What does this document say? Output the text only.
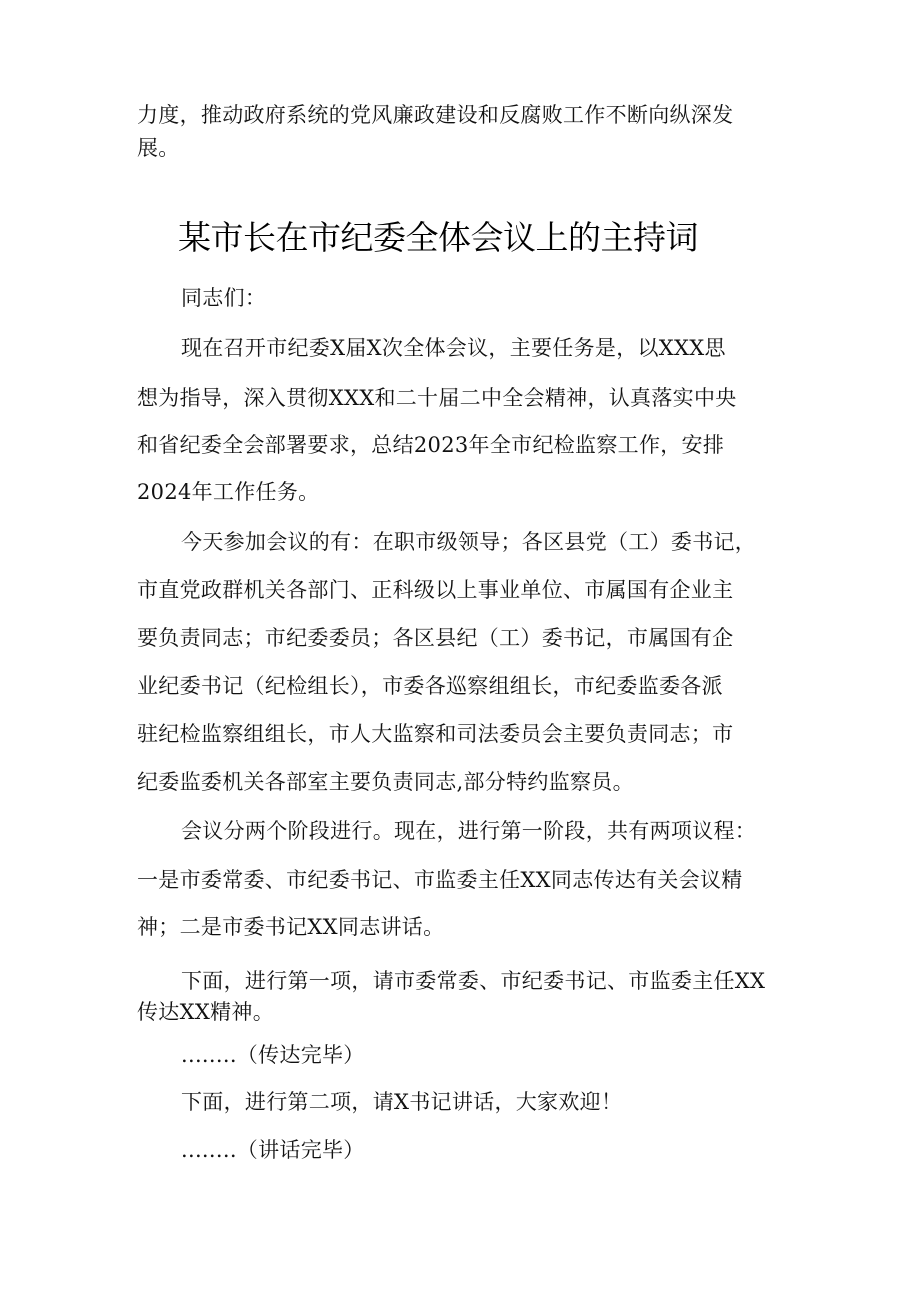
力度，推动政府系统的党风廉政建设和反腐败工作不断向纵深发
展。
某市长在市纪委全体会议上的主持词
同志们：
现在召开市纪委X届X次全体会议，主要任务是，以XXX思
想为指导，深入贯彻XXX和二十届二中全会精神，认真落实中央
和省纪委全会部署要求，总结2023年全市纪检监察工作，安排
2024年工作任务。
今天参加会议的有：在职市级领导；各区县党（工）委书记，
市直党政群机关各部门、正科级以上事业单位、市属国有企业主
要负责同志；市纪委委员；各区县纪（工）委书记，市属国有企
业纪委书记（纪检组长），市委各巡察组组长，市纪委监委各派
驻纪检监察组组长，市人大监察和司法委员会主要负责同志；市
纪委监委机关各部室主要负责同志,部分特约监察员。
会议分两个阶段进行。现在，进行第一阶段，共有两项议程：
一是市委常委、市纪委书记、市监委主任XX同志传达有关会议精
神；二是市委书记XX同志讲话。
下面，进行第一项，请市委常委、市纪委书记、市监委主任XX
传达XX精神。
........（传达完毕）
下面，进行第二项，请X书记讲话，大家欢迎！
........（讲话完毕）
